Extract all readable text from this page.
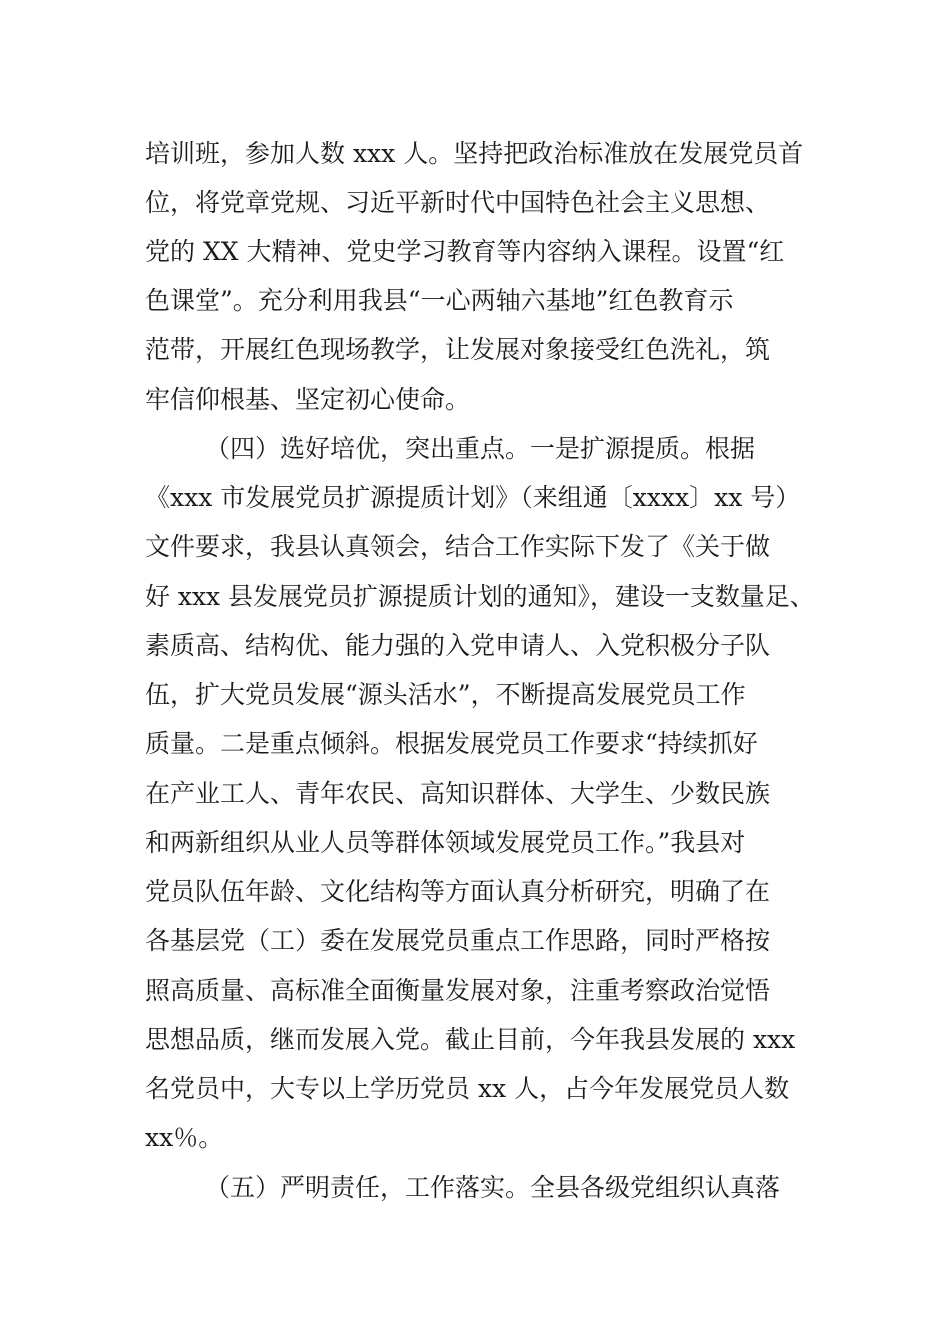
培训班，参加人数 xxx 人。坚持把政治标准放在发展党员首
位，将党章党规、习近平新时代中国特色社会主义思想、
党的 XX 大精神、党史学习教育等内容纳入课程。设置“红
色课堂”。充分利用我县“一心两轴六基地”红色教育示
范带，开展红色现场教学，让发展对象接受红色洗礼，筑
牢信仰根基、坚定初心使命。
（四）选好培优，突出重点。一是扩源提质。根据
《xxx 市发展党员扩源提质计划》（来组通〔xxxx〕xx 号）
文件要求，我县认真领会，结合工作实际下发了《关于做
好 xxx 县发展党员扩源提质计划的通知》，建设一支数量足、
素质高、结构优、能力强的入党申请人、入党积极分子队
伍，扩大党员发展“源头活水”，不断提高发展党员工作
质量。二是重点倾斜。根据发展党员工作要求“持续抓好
在产业工人、青年农民、高知识群体、大学生、少数民族
和两新组织从业人员等群体领域发展党员工作。”我县对
党员队伍年龄、文化结构等方面认真分析研究，明确了在
各基层党（工）委在发展党员重点工作思路，同时严格按
照高质量、高标准全面衡量发展对象，注重考察政治觉悟
思想品质，继而发展入党。截止目前，今年我县发展的 xxx
名党员中，大专以上学历党员 xx 人，占今年发展党员人数
xx％。
（五）严明责任，工作落实。全县各级党组织认真落
